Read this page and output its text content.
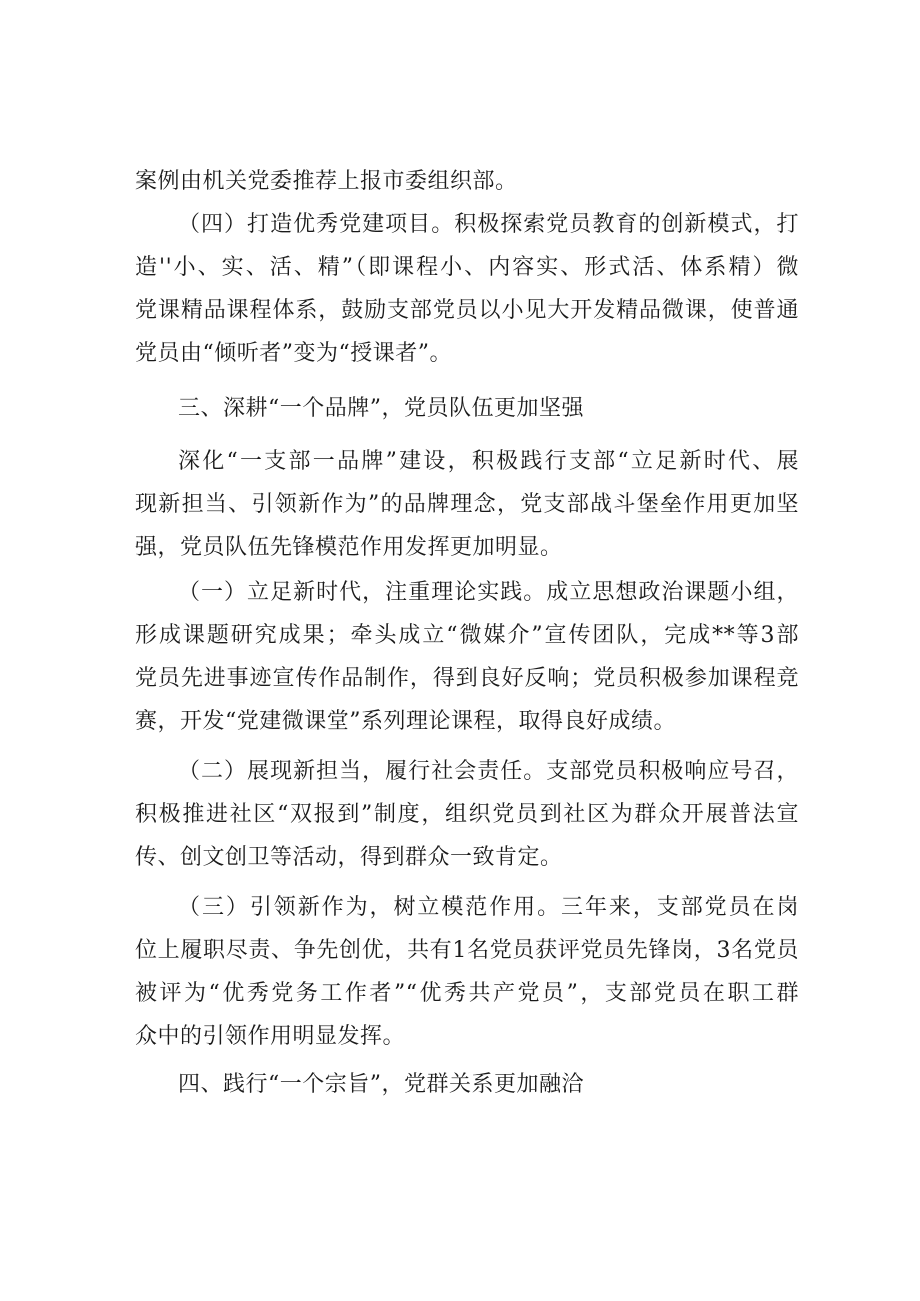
案例由机关党委推荐上报市委组织部。
（四）打造优秀党建项目。积极探索党员教育的创新模式，打
造''小、实、活、精”（即课程小、内容实、形式活、体系精）微
党课精品课程体系，鼓励支部党员以小见大开发精品微课，使普通
党员由“倾听者”变为“授课者”。
三、深耕“一个品牌”，党员队伍更加坚强
深化“一支部一品牌”建设，积极践行支部“立足新时代、展
现新担当、引领新作为”的品牌理念，党支部战斗堡垒作用更加坚
强，党员队伍先锋模范作用发挥更加明显。
（一）立足新时代，注重理论实践。成立思想政治课题小组，
形成课题研究成果；牵头成立“微媒介”宣传团队，完成**等3部
党员先进事迹宣传作品制作，得到良好反响；党员积极参加课程竞
赛，开发“党建微课堂”系列理论课程，取得良好成绩。
（二）展现新担当，履行社会责任。支部党员积极响应号召，
积极推进社区“双报到”制度，组织党员到社区为群众开展普法宣
传、创文创卫等活动，得到群众一致肯定。
（三）引领新作为，树立模范作用。三年来，支部党员在岗
位上履职尽责、争先创优，共有1名党员获评党员先锋岗，3名党员
被评为“优秀党务工作者”“优秀共产党员”，支部党员在职工群
众中的引领作用明显发挥。
四、践行“一个宗旨”，党群关系更加融洽
